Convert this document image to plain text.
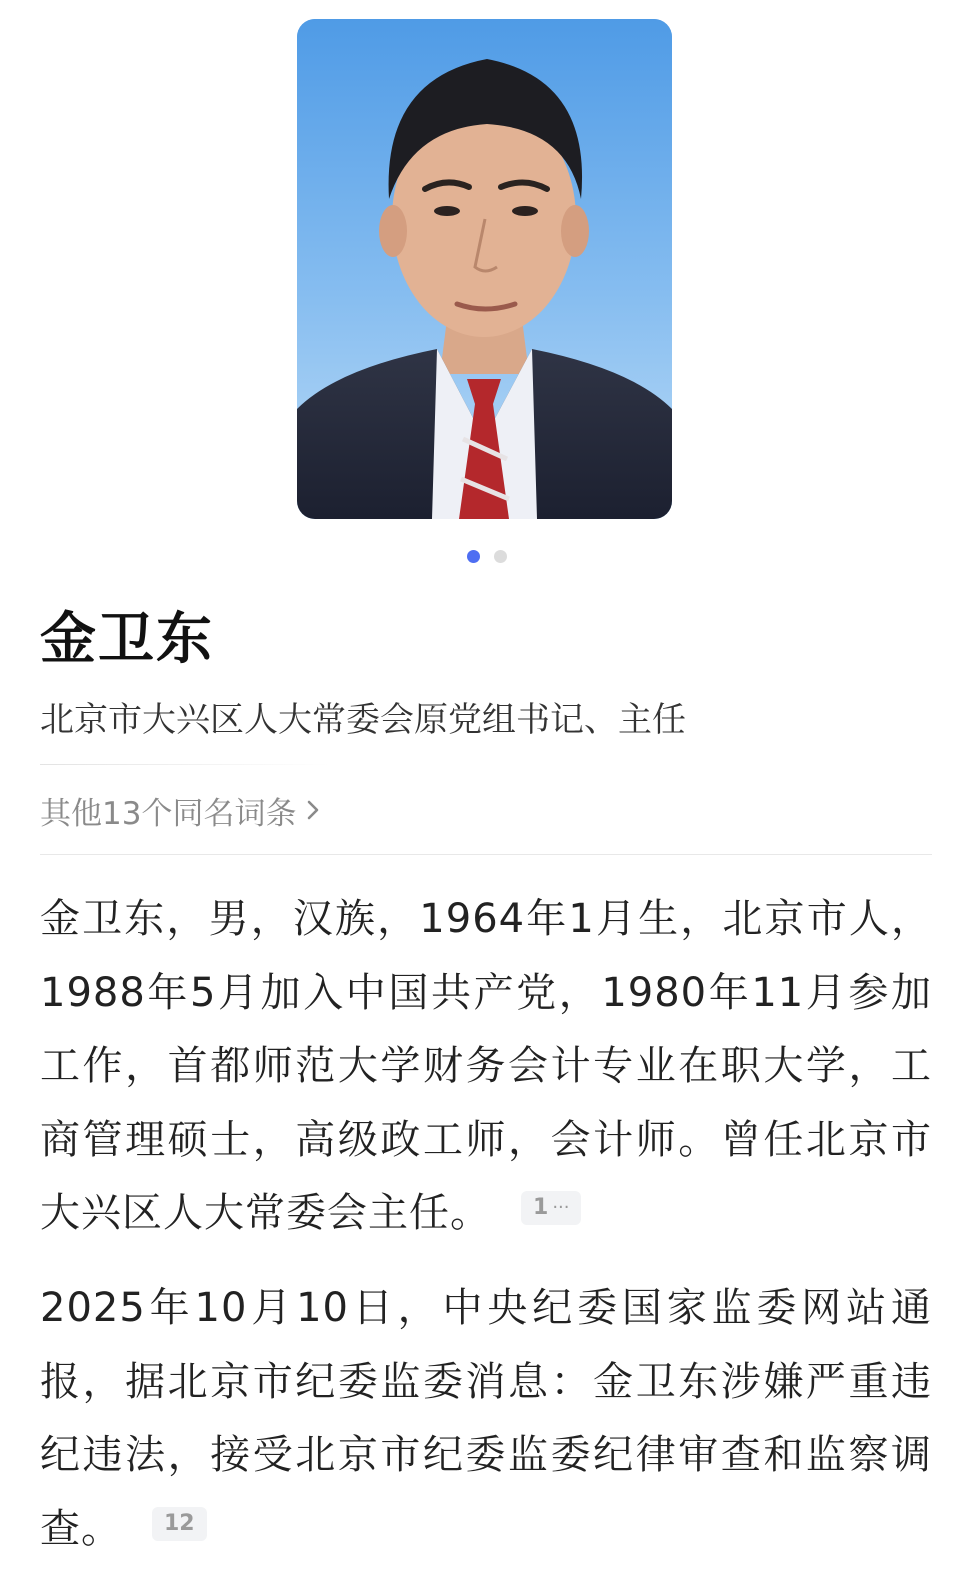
金卫东
北京市大兴区人大常委会原党组书记、主任
其他13个同名词条
金卫东，男，汉族，1964年1月生，北京市人，1988年5月加入中国共产党，1980年11月参加工作，首都师范大学财务会计专业在职大学，工商管理硕士，高级政工师，会计师。曾任北京市大兴区人大常委会主任。 1 ···
2025年10月10日，中央纪委国家监委网站通报，据北京市纪委监委消息：金卫东涉嫌严重违纪违法，接受北京市纪委监委纪律审查和监察调查。 12
